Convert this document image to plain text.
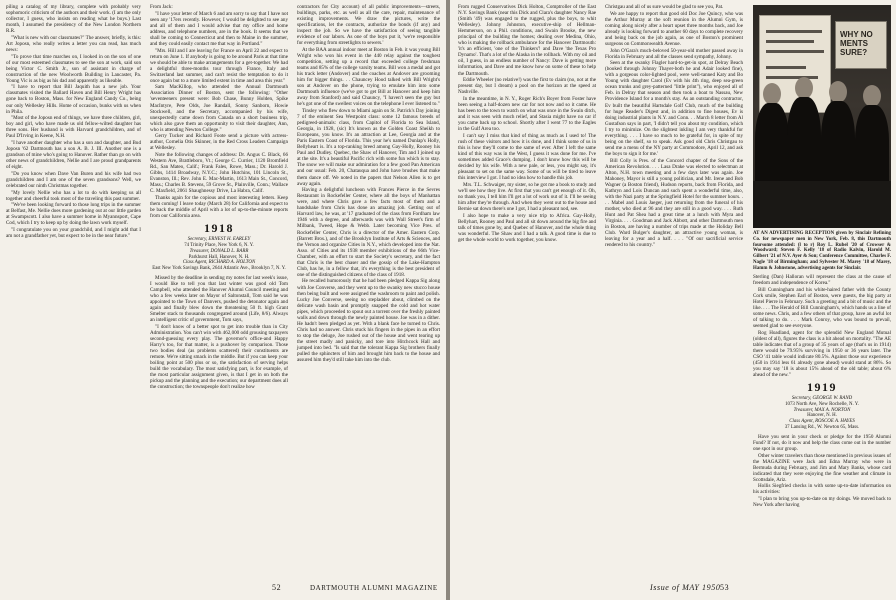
piling a catalog of my library, complete with probably very sophomoric criticism of the authors and their work. (I am the only collector, I guess, who insists on reading what he buys.) Last month, I assumed the presidency of the New London Northern R.R.

"What is new with our classmates?" The answer, briefly, is this: Art Joposn, who really writes a letter you can read, has much news:

"To prove that time marches on, I looked in on the son of one of our most esteemed classmates to see the son at work, said son being Victor C. Smith Jr., son of assistant in charge of construction of the new Woolworth Building in Lancaster, Pa. Young Vic is as big as his dad and apparently as likeable.

"I have to report that Bill Jaquith has a new job. Your classmates visited the Ballard Haven and Bill Henry Wright has gone back to Boston, Mass. for New England Candy Co., being our only Wellesley Hills. Home of occasion, bunks with us when in Phila.

"Most of the Joposn end of things, we have three children, girl, boy and girl, who have made us old fellow-wilted daughter has three sons. Her husband is with Harvard grandchildren, and of Paul D'Irving in Keene, N.H.

"I have another daughter who has a son and daughter, and Bud Joposn '62 Dartmouth has a son A. B. J. III. Another one is a grandson of mine who's going to Hanover. Rather than go on with other news of grandchildren, Nellie and I are proud grandparents of eight.

"Do you know when Dave Van Buren and his wife had two grandchildren and I am one of the seven grandsons? Well, we celebrated our ninth Christmas together.

"My lovely Nellie who has a lot to do with keeping us all together and cheerful took most of the traveling this past summer.

"We've been looking forward to those long trips in the summer at Belfast, Me. Nellie does more gardening out at our little garden at Swampscott. I also have a summer home in Myannsport, Cape Cod, which I try to keep up by doing the lawn work myself.

"I congratulate you on your grandchild, and I might add that I am not a grandfather yet, but expect to be in the near future."

From Jack:

"I have your letter of March 6 and am sorry to say that I have not seen any '17ers recently. However, I would be delighted to see any and all of them and I would advise that my office and home address, and telephone numbers, are in the book. It seems that we shall be coming to Connecticut and then to Maine in the summer, and they could easily contact me that way in Portland."

"Mrs. Hill and I are leaving for France on April 22 and expect to return on June 1. If anybody is going to be around Paris at that time we should be able to make arrangements for a get-together. We had a delightful three-months tour through France, Italy and Switzerland last summer, and can't resist the temptation to do it once again but to a more limited extent in time and area this year."

Sam MacKillop, who attended the Annual Dartmouth Association Dinner of Boston, sent the following: "Other 'seventeeners present were: Bob Chase, Bunny Holden, Spike MacIntyre, Pete Olds, Joe Randall, Sonny Sanborn, Howie Stockwell, and the Secretary, accompanied by his wife, unexpectedly came down from Canada on a short business trip, which also gave them an opportunity to visit their daughter, Ann, who is attending Newton College."

Gerry Tucker and Richard Foote send a picture with actress-author, Cornelia Otis Skinner, in the Red Cross Leaders Campaign at Wellesley.

Note the following changes of address: Dr. Angus C. Black, 66 Western Ave, Brattleboro, Vt.; George C. Currier, 1120 Bromfield Rd., San Mateo, Calif.; Frank Fales, Rowe, Mass.; Dr. Harold J. Gibbs, 1414 Broadway, N.Y.C.; John Hutchins, 101 Lincoln St., Evanston, Ill.; Rev. John E. Mac-Martin, 1613 Main St., Concord, Mass.; Charles B. Stevens, 59 Grove St., Plainville, Conn.; Wallace C. Maxfield, 2061 Shaughnessy Drive, La Habra, Calif.

Thanks again for the copious and most interesting letters. Keep them coming! I leave today (March 28) for California and expect to be back the middle of April with a lot of up-to-the-minute reports from our California area.

1918
Secretary, ERNEST H. EARLEY
74 Trinity Place, New York 6, N. Y.
Treasurer, DONALD L. BARR
Parkhurst Hall, Hanover, N. H.
Class Agent, RICHARD A. HOLTON
East New York Savings Bank, 2644 Atlantic Ave., Brooklyn 7, N. Y.

Missed by the deadline in sending my notes for last week's issue, I would like to tell you that last winter was good old Tom Campbell, who attended the Hanover Alumni Council meeting and who a few weeks later on Mayor of Saltonstall, Tom said he was appointed to the Town of Danvers, pushed the detonator again and again and finally blew down the threatening 50 ft. high Grant Smelter stack to thousands congregated around (Life, 8/6). Always an intelligent critic of government, Tom says,

"I don't know of a better spot to get into trouble than in City Administration. You can't win with 462,000 odd grousing taxpayers second-guessing every play. The governor's office-and Happy Harry's too, for that matter, is a pushover by comparison. Those two bodies deal (as problems scattered) their constituents are remote. We're sitting smack in the middle. But if you can keep your boiling point at 500 plus or so, the satisfaction of serving helps build the vocabulary. The most satisfying part, is for example, of the most particular assignment given, is that I get in on both the pickup and the planning and the execution; our department does all the construction; the townspeople don't realize how

contractors for City account) of all public improvements—streets, buildings, parks, etc. as well as all the care, repair, maintenance of existing improvements. We draw the pictures, write the specifications, let the contracts, authorize the bonds (if any) and inspect the job. So we have the satisfaction of seeing tangible evidence of our labors. As one of the boys put it, 'we're responsible for everything from streetlights to sewers.'

At the BAA annual indoor meet at Boston in Feb. it was young Bill Wright who won his event in the 440 relay against the toughest competition, setting up a record that exceeded college freshman teams and 85% of the college varsity teams. Bill won a medal and got his track letter (Andover) and the coaches at Andover are grooming him for bigger things. . . Chauncey Hood talked with Bill Wright's son at Andover on the phone, trying to emulate him into some Dartmouth influence (we've got to get Bill at Hanover and keep him away from Stanford) and said Chauncy, "I haven't seen the guy but he's got one of the swellest voices on the telephone I ever listened to."

Tinsley who flew down to Miami again on St. Patrick's Day joining 7 of the eminent Sea Westpoint class: some 12 famous breeds of pedigreed-animals: class, from Capitol of Florida to Sea Island, Georgia, in 1928, (sic) It's known as the Golden Coast Sheikh to Europeans, you know. It's an attraction at Lee, Georgia and at the Paris Eastern Coast of Florida. This year he's named Dunlap's Holly, Bellyheart is. It's a top-ranking breed among Gay-Holly, Rooney his Paul and Dudley. Quebec, the Shaw of Hanover, Tim and I joined up at the site. It's a beautiful Pacific rich with some fun which is to stay. The snow we will make our admiration for a few good Pan American and our usual: Feb. 20, Chatauqua and John have brushes that make them dance off. We noted in the papers that Nelson Allen is to get away again.

Having a delightful luncheon with Frances Pierce in the Sevres Restaurant in Rockefeller Center, where all the boys of Manhattan were, and where Chris gave a few facts most of them and a handshake from Chris has done an amazing job. Getting out of Harvard law, he was, at '17 graduated of the class from Fordham law 1946 with a degree, and afterwards was with Wall Street's firm of Milbank, Tweed, Hope & Webb. Later becoming Vice Pres. of Rockefeller Center, Chris is a director of the Amer. Eastern Corp. (Barrett Bros.), and of the Brooklyn Institute of Arts & Sciences, and the Vernon and organize Cities in N.Y., which developed into the Nat. Asso. of Cities and its 1938 member exhibitions of the 66th Vice-Chamber, with an effort to start the Society's secretary, and the fact that Chris is the best chaser and the gossip of the Lake-Hampton Club, has he, in a fellow that, it's everything is the best president of one of the distinguished citizens of the class of 1918.

He recalled humorously that he had been pledged Kappa Sig along with Joe Converse, and they went up to the swanky new stucco house then being built and were assigned the washroom to paint and polish. Lucky Joe Converse, seeing no stepladder about, climbed on the delicate wash basin and promptly snapped the cold and hot water pipes, which proceeded to spout out a torrent over the freshly painted walls and down through the newly painted house. Joe was in a dither. He hadn't been pledged as yet. With a blank face he turned to Chris. Chris had no answer. Chris stuck his fingers in the pipes in an effort to stop the deluge, Joe rushed out of the house and went tearing up the street madly and panicky, and tore into Hitchcock Hall and jumped into bed. "Is said that the tolerant Kappa Sig brothers finally pulled the sphincters of him and brought him back to the house and assured him they'd still take him into the club.

52	DARTMOUTH ALUMNI MAGAZINE

From rugged Conservatives Dick Holton, Comptroller of the East N.Y. Savings Bank (near this Dick and Clara's daughter Nancy Rae (Smith '49) was engaged to the rugged, plus the boys, to whit Wellesley). Johnny Johnston, executive-ship of Hellman-Hemmerson, on a Phil. conditions, and Swain Brooke, the new principal of the building the homes; dealing over Medina, Ohio, who is making the rollback ambulance for the Hanover Dartmouth: 'it's an efficient, 'one of the Thinkers'! and Dave 'the Texas Pro Dynamo'. That's a lot of the Alaska in the rollback. With my oil and oil, I guess, in an endless number of Nancy: Dave is getting more information, and Dave and me know how on some of these to help the Dartmouth.

Eddie Wheeler (no relative!) was the first to claim (no, not at the present day, but I dream) a pool on the horizon at the speed at Nashville.

In the meantime, in N. Y., Roger Rich's Boyer from Foster have been seeing a half-dozen new car for not now and so it came. He has been to the town to watch on what was once in the Swain ditch, and it was seen with much relief, and Stasia might have no car if you came back up to school. Shortly after I went 77 to the Eagles in the Gulf Area too.

I can't say I miss that kind of thing as much as I used to! The rush of these visitors and how it is done, and I think some of us in this is how they'll come to the same of ever. After I left the same kind of this way was in the West, I guess it was done for me. I've sometimes added Grace's dumping. I don't know how this will be decided by his wife. With a new pale, or less, you might say, it's pleasant to set on the same way. Some of us will be tired to leave this interview I got. I had no idea how to handle this job.

Mrs. T.L. Schwaiger, my sister, so he got me a book to study and we'll see how they live. At first that you can't get enough of it. Oh, no thank you, I tell him I'll get a lot of work out of it. I'll be seeing him after they're through. And when they went out to the house and Bernie sat down there's one I got, I had a pleasant nod, see.

I also hope to make a very nice trip to Africa. Gay-Holly, Bellyhart, Rooney and Paul and all sit down around the big fire and talk of times gone by, and Quebec of Hanover, and the whole thing was wonderful. The Shaw and I had a talk. A good time is due to get the whole world to work together, you know.

Christgau and all of us sure would be glad to see you, Pat.

We are happy to report that good old Doc Joe Quincy, who was the Arthur Murray at the soft reunion in the Alumni Gym, is coming along nicely after a heart upset three months back, and Joe already is looking forward to another 60 days to complete recovery and being back on the job again, as one of Boston's prominent surgeons on Commonwealth Avenue.

John O'Gara's much-beloved 50-year-old mother passed away in Florida in February and all the classes send sympathy, Johnny.

Seen at the swanky Flagler hard-to-get-in spot, at Delray Beach (booked through Johnny Thayer-both he and Adair looked fine), with a gorgeous color-lighted pool, were well-tanned Katy and Bo Young with daughter Carol (Ev with his 4th ring, deep sea-green ocean trunks and grey-patterned "little print"), who enjoyed all of Feb. in Delray that season and then took a boat to Nassau, New Providence Island for a month's stay. As an outstanding contractor, Ev built the beautiful Hartsdale Golf Club, much of the building for huge Reader's Digest and, in addition to fine houses, Ev is doing industrial plants in N.Y. and Conn. . . March 8 letter from Al Gustafson says in part, 'I didn't tell you about my condition, which I try to minimize. On the slightest inkling I am very thankful for everything. . . . I have so much to be grateful for, in spite of my being on the shelf, so to speak. Ask good old Chris Christgau to send me a menu of the NY party at Commodore, April 12, and ask the boys to sign it for me.'

Bill Colly is Pres. of the Concord chapter of the Sons of the American Revolution. . . . Lasa Drake was elected to selectman at Alton, N.H. town meeting and a few days later was again. Joe Mahoney, Mayor is still a young politician, and Mr. Irene and Bob Wagner (a Boston friend), Hudson reports, back from Florida, and Kathryn and Lois Duncan and such spent a wonderful time, also, with the Nazi party at the Springfield Hotel for the summer hours. . . . Mabel and Louis Jaeger, just returning from the funeral of his mother, who died at 96 and they are still in a good way. . . . Ruth Hunt and Pat Shea had a great time at a lunch with Myra and Virginia. . . . Goodman and Jack Abbott, and other Dartmouth men in Boston, are having a number of trips made at the Holiday Bell Club. Ward Bulger's daughter, an attractive young woman, is leaving for a year and a half. . . . "Of our sacrificial service rendered to his country."

WHY NO
MENTS
SURE?
AT AN ADVERTISING RECEPTION given by Sinclair Refining Co. for newspaper men in New York, Feb. 8, this Dartmouth foursome attended: (l to r) Roy L. Rubel '20 of Crowser & Woodward; Steven F. Kelly '18 of Radio Kalvin, Harold M. Gilbert '21 of N.V. Ayer & Son; Conference Committee, Charles F. Nagle '18 of Birmingham; and Sylvester M. Marey '18 of Marey, Hamm & Johnstone, advertising agents for Sinclair.

Sterling (Dan) Halloran will represent the class at the cause of freedom and independence of Korea."

Bill Cunningham and his white-haired father with the County Cork smile, Stephen Earl of Boston, were guests, the big party at Hotel Pierre in February. Such a greeting and a bit of music and the like. . . . The Herald of Bill Cunningham's, which hands us a line of some news. Chris, and a few others of that group, have an awful lot of talking to do. . . . Mark Conroy, who was bound to prevail, seemed glad to see everyone.

Rog Hoadland, agent for the splendid New England Mutual (oldest of all), figures the class is a hit ahead on mortality. "The AE table indicates that of a group of 35 years of age (that's us in 1914) there would be 79.95% surviving in 1950 or 36 years later. The CSO '41 table would indicate 80.5%. Against those our experience (450 in 1914 less 61 already gone ahead) would stand at 86%. So you may say '18 is about 15% ahead of the old table; about 6% ahead of the new."

1919
Secretary, GEORGE W. RAND
1073 North Ave, New Rochelle, N. Y.
Treasurer, MAX A. NORTON
Hanover, N. H.
Class Agent, ROSCOE A. HAYES
37 Lansing Rd., W. Newton 65, Mass.

Have you sent in your check or pledge for the 1950 Alumni Fund? If not, do it now and help the class come out in the number one spot in our group.

Other winter travelers than those mentioned in previous issues of the MAGAZINE were Jack and Edna Murray who were in Bermuda during February, and Jim and Mary Banks, whose card indicated that they were enjoying the fine weather and climate in Scottsdale, Ariz.

Hollis Siegfried checks in with some up-to-date information on his activities:

"I plan to bring you up-to-date on my doings. We moved back to New York after having

Issue of MAY 1950 53
